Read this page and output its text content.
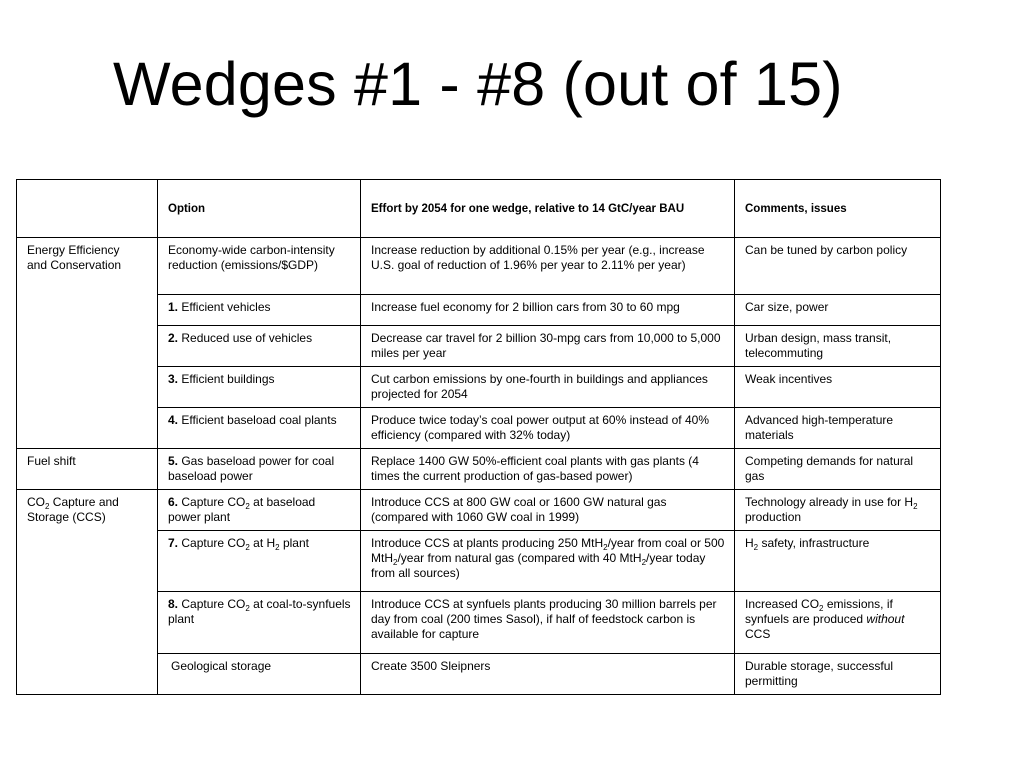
Wedges #1 - #8 (out of 15)
	Option	Effort by 2054 for one wedge, relative to 14 GtC/year BAU	Comments, issues

Energy Efficiency and Conservation	Economy-wide carbon-intensity reduction (emissions/$GDP)	Increase reduction by additional 0.15% per year (e.g., increase U.S. goal of reduction of 1.96% per year to 2.11% per year)	Can be tuned by carbon policy
	1. Efficient vehicles	Increase fuel economy for 2 billion cars from 30 to 60 mpg	Car size, power
	2. Reduced use of vehicles	Decrease car travel for 2 billion 30-mpg cars from 10,000 to 5,000 miles per year	Urban design, mass transit, telecommuting
	3. Efficient buildings	Cut carbon emissions by one-fourth in buildings and appliances projected for 2054	Weak incentives
	4. Efficient baseload coal plants	Produce twice today’s coal power output at 60% instead of 40% efficiency (compared with 32% today)	Advanced high-temperature materials
Fuel shift	5. Gas baseload power for coal baseload power	Replace 1400 GW 50%-efficient coal plants with gas plants (4 times the current production of gas-based power)	Competing demands for natural gas

$CO_2$ Capture and Storage (CCS)	6. Capture $CO_2$ at baseload power plant	Introduce CCS at 800 GW coal or 1600 GW natural gas (compared with 1060 GW coal in 1999)	Technology already in use for $H_2$ production
	7. Capture $CO_2$ at $H_2$ plant	Introduce CCS at plants producing 250 MtH$_2$/year from coal or 500 MtH$_2$/year from natural gas (compared with 40 MtH$_2$/year today from all sources)	$H_2$ safety, infrastructure
	8. Capture $CO_2$ at coal-to-synfuels plant	Introduce CCS at synfuels plants producing 30 million barrels per day from coal (200 times Sasol), if half of feedstock carbon is available for capture	Increased $CO_2$ emissions, if synfuels are produced without CCS
	Geological storage	Create 3500 Sleipners	Durable storage, successful permitting
